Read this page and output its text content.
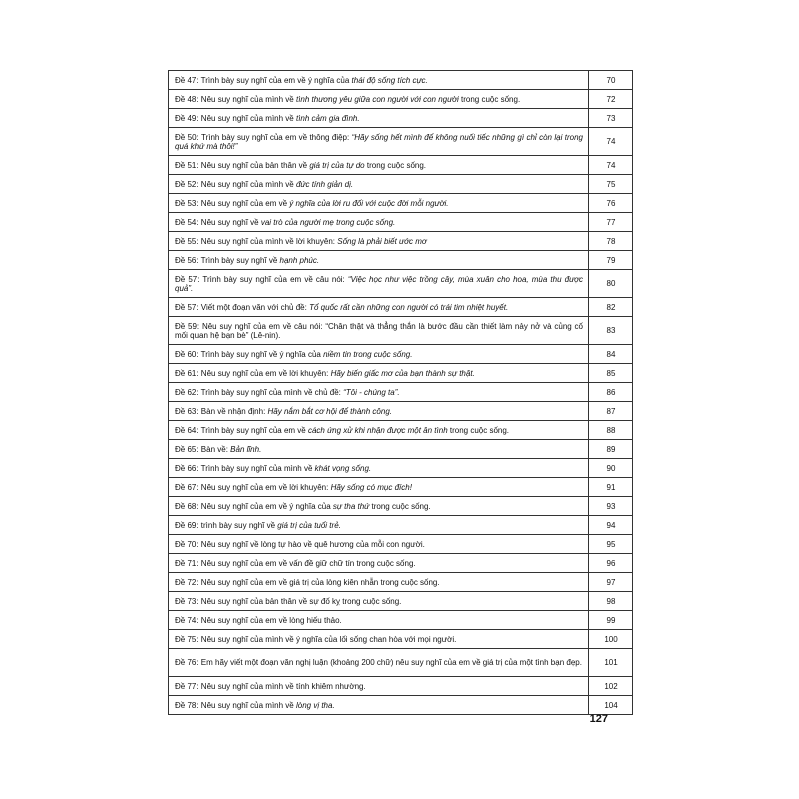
Đề 47: Trình bày suy nghĩ của em về ý nghĩa của thái độ sống tích cực.	70
Đề 48: Nêu suy nghĩ của mình về tình thương yêu giữa con người với con người trong cuộc sống.	72
Đề 49: Nêu suy nghĩ của mình về tình cảm gia đình.	73
Đề 50: Trình bày suy nghĩ của em về thông điệp: “Hãy sống hết mình để không nuối tiếc những gì chỉ còn lại trong quá khứ mà thôi!”	74
Đề 51: Nêu suy nghĩ của bản thân về giá trị của tự do trong cuộc sống.	74
Đề 52: Nêu suy nghĩ của mình về đức tính giản dị.	75
Đề 53: Nêu suy nghĩ của em về ý nghĩa của lời ru đối với cuộc đời mỗi người.	76
Đề 54: Nêu suy nghĩ về vai trò của người mẹ trong cuộc sống.	77
Đề 55: Nêu suy nghĩ của mình về lời khuyên: Sống là phải biết ước mơ	78
Đề 56: Trình bày suy nghĩ về hạnh phúc.	79
Đề 57: Trình bày suy nghĩ của em về câu nói: “Việc học như việc trồng cây, mùa xuân cho hoa, mùa thu được quả”.	80
Đề 57: Viết một đoạn văn với chủ đề: Tổ quốc rất cần những con người có trái tim nhiệt huyết.	82
Đề 59: Nêu suy nghĩ của em về câu nói: “Chân thật và thẳng thắn là bước đầu cần thiết làm nảy nở và củng cố mối quan hệ bạn bè” (Lê-nin).	83
Đề 60: Trình bày suy nghĩ về ý nghĩa của niềm tin trong cuộc sống.	84
Đề 61: Nêu suy nghĩ của em về lời khuyên: Hãy biến giấc mơ của bạn thành sự thật.	85
Đề 62: Trình bày suy nghĩ của mình về chủ đề: “Tôi - chúng ta”.	86
Đề 63: Bàn về nhận định: Hãy nắm bắt cơ hội để thành công.	87
Đề 64: Trình bày suy nghĩ của em về cách ứng xử khi nhận được một ân tình trong cuộc sống.	88
Đề 65: Bàn về: Bản lĩnh.	89
Đề 66: Trình bày suy nghĩ của mình về khát vọng sống.	90
Đề 67: Nêu suy nghĩ của em về lời khuyên: Hãy sống có mục đích!	91
Đề 68: Nêu suy nghĩ của em về ý nghĩa của sự tha thứ trong cuộc sống.	93
Đề 69: trình bày suy nghĩ về giá trị của tuổi trẻ.	94
Đề 70: Nêu suy nghĩ về lòng tự hào về quê hương của mỗi con người.	95
Đề 71: Nêu suy nghĩ của em về vấn đề giữ chữ tín trong cuộc sống.	96
Đề 72: Nêu suy nghĩ của em về giá trị của lòng kiên nhẫn trong cuộc sống.	97
Đề 73: Nêu suy nghĩ của bản thân về sự đố kỵ trong cuộc sống.	98
Đề 74: Nêu suy nghĩ của em về lòng hiếu thảo.	99
Đề 75: Nêu suy nghĩ của mình về ý nghĩa của lối sống chan hòa với mọi người.	100
Đề 76: Em hãy viết một đoạn văn nghị luận (khoảng 200 chữ) nêu suy nghĩ của em về giá trị của một tình bạn đẹp.	101
Đề 77: Nêu suy nghĩ của mình về tính khiêm nhường.	102
Đề 78: Nêu suy nghĩ của mình về lòng vị tha.	104
127
